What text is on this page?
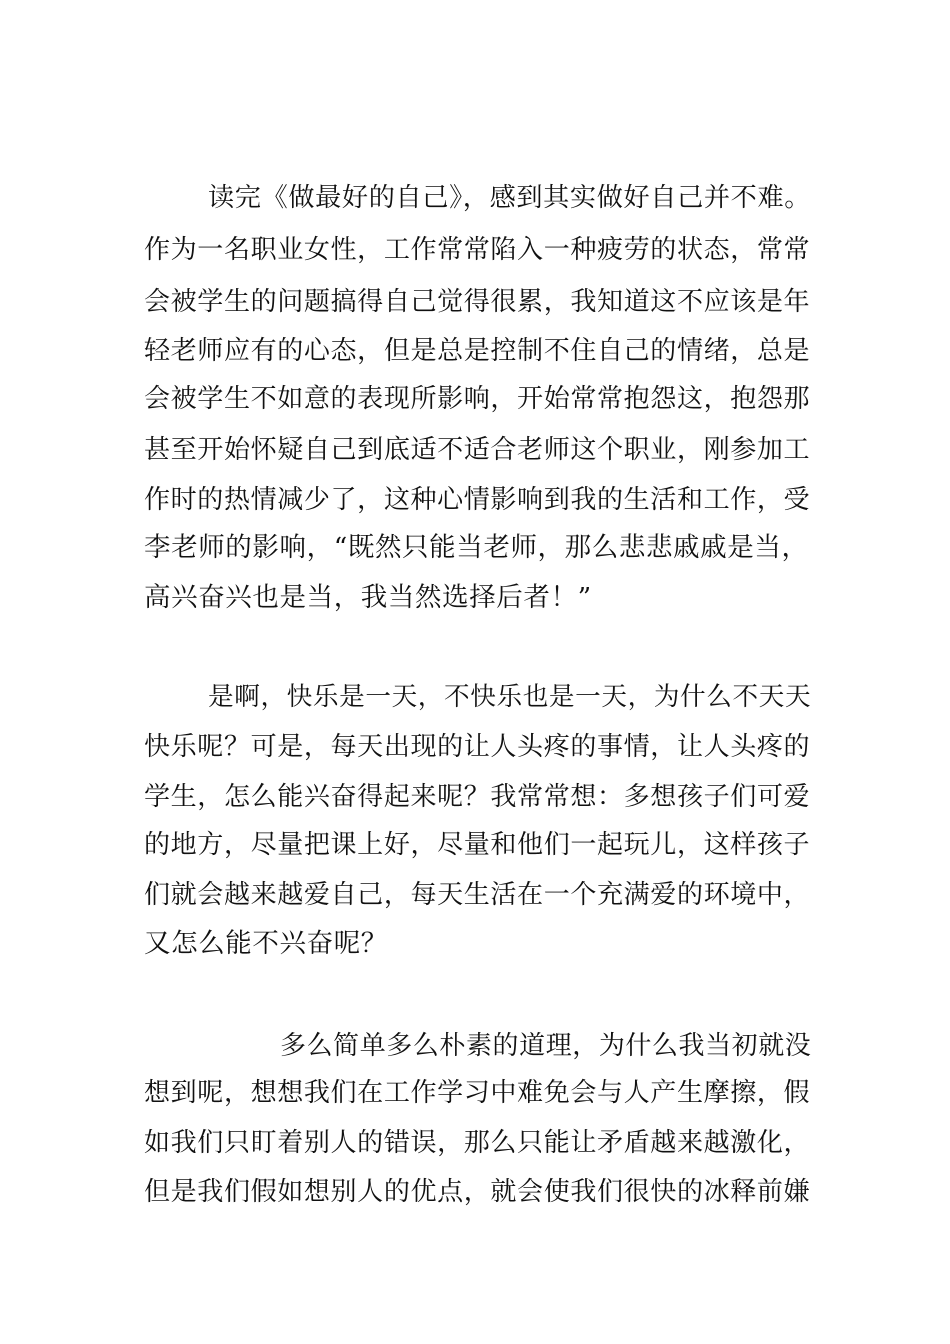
读完《做最好的自己》，感到其实做好自己并不难。

作为一名职业女性，工作常常陷入一种疲劳的状态，常常

会被学生的问题搞得自己觉得很累，我知道这不应该是年

轻老师应有的心态，但是总是控制不住自己的情绪，总是

会被学生不如意的表现所影响，开始常常抱怨这，抱怨那

甚至开始怀疑自己到底适不适合老师这个职业，刚参加工

作时的热情减少了，这种心情影响到我的生活和工作，受

李老师的影响，“既然只能当老师，那么悲悲戚戚是当，

高兴奋兴也是当，我当然选择后者！”

是啊，快乐是一天，不快乐也是一天，为什么不天天

快乐呢？可是，每天出现的让人头疼的事情，让人头疼的

学生，怎么能兴奋得起来呢？我常常想：多想孩子们可爱

的地方，尽量把课上好，尽量和他们一起玩儿，这样孩子

们就会越来越爱自己，每天生活在一个充满爱的环境中，

又怎么能不兴奋呢？

多么简单多么朴素的道理，为什么我当初就没

想到呢，想想我们在工作学习中难免会与人产生摩擦，假

如我们只盯着别人的错误，那么只能让矛盾越来越激化，

但是我们假如想别人的优点，就会使我们很快的冰释前嫌
